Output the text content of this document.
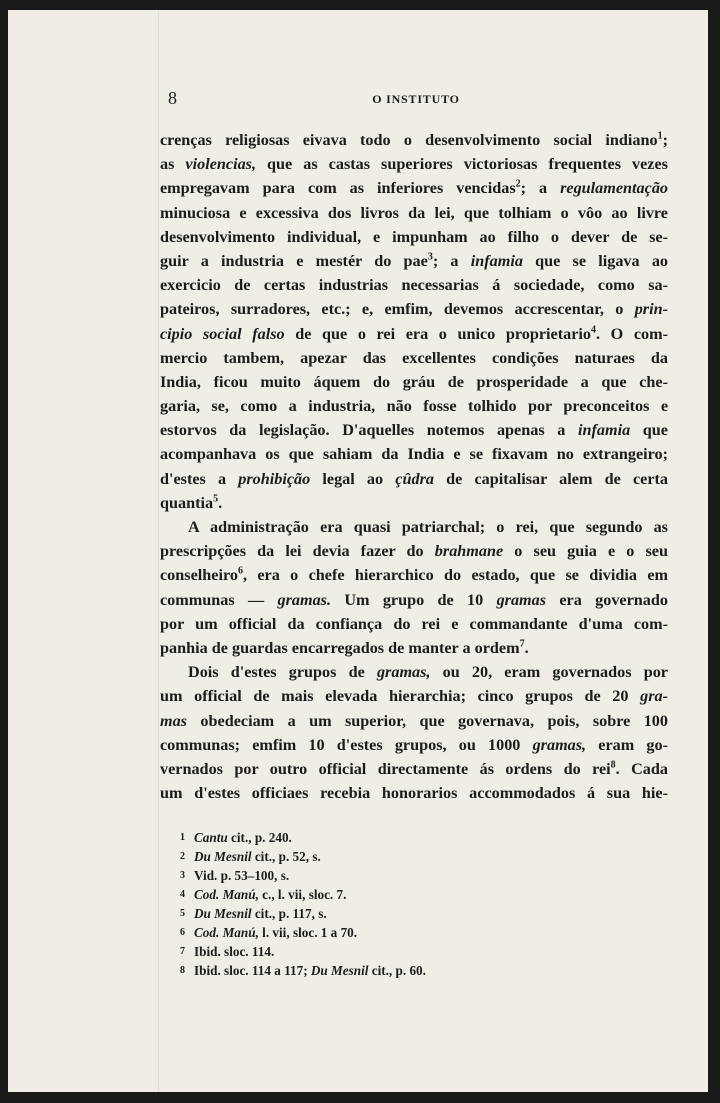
8	O INSTITUTO
crenças religiosas eivava todo o desenvolvimento social indiano$^1$;
as violencias, que as castas superiores victoriosas frequentes vezes
empregavam para com as inferiores vencidas$^2$; a regulamentação
minuciosa e excessiva dos livros da lei, que tolhiam o vôo ao livre
desenvolvimento individual, e impunham ao filho o dever de se-
guir a industria e mestér do pae$^3$; a infamia que se ligava ao
exercicio de certas industrias necessarias á sociedade, como sa-
pateiros, surradores, etc.; e, emfim, devemos accrescentar, o prin-
cipio social falso de que o rei era o unico proprietario$^4$. O com-
mercio tambem, apezar das excellentes condições naturaes da
India, ficou muito áquem do gráu de prosperidade a que che-
garia, se, como a industria, não fosse tolhido por preconceitos e
estorvos da legislação. D'aquelles notemos apenas a infamia que
acompanhava os que sahiam da India e se fixavam no extrangeiro;
d'estes a prohibição legal ao çûdra de capitalisar alem de certa
quantia$^5$.
A administração era quasi patriarchal; o rei, que segundo as
prescripções da lei devia fazer do brahmane o seu guia e o seu
conselheiro$^6$, era o chefe hierarchico do estado, que se dividia em
communas — gramas. Um grupo de 10 gramas era governado
por um official da confiança do rei e commandante d'uma com-
panhia de guardas encarregados de manter a ordem$^7$.
Dois d'estes grupos de gramas, ou 20, eram governados por
um official de mais elevada hierarchia; cinco grupos de 20 gra-
mas obedeciam a um superior, que governava, pois, sobre 100
communas; emfim 10 d'estes grupos, ou 1000 gramas, eram go-
vernados por outro official directamente ás ordens do rei$^8$. Cada
um d'estes officiaes recebia honorarios accommodados á sua hie-
1 Cantu cit., p. 240.
2 Du Mesnil cit., p. 52, s.
3 Vid. p. 53–100, s.
4 Cod. Manú, c., l. vii, sloc. 7.
5 Du Mesnil cit., p. 117, s.
6 Cod. Manú, l. vii, sloc. 1 a 70.
7 Ibid. sloc. 114.
8 Ibid. sloc. 114 a 117; Du Mesnil cit., p. 60.
